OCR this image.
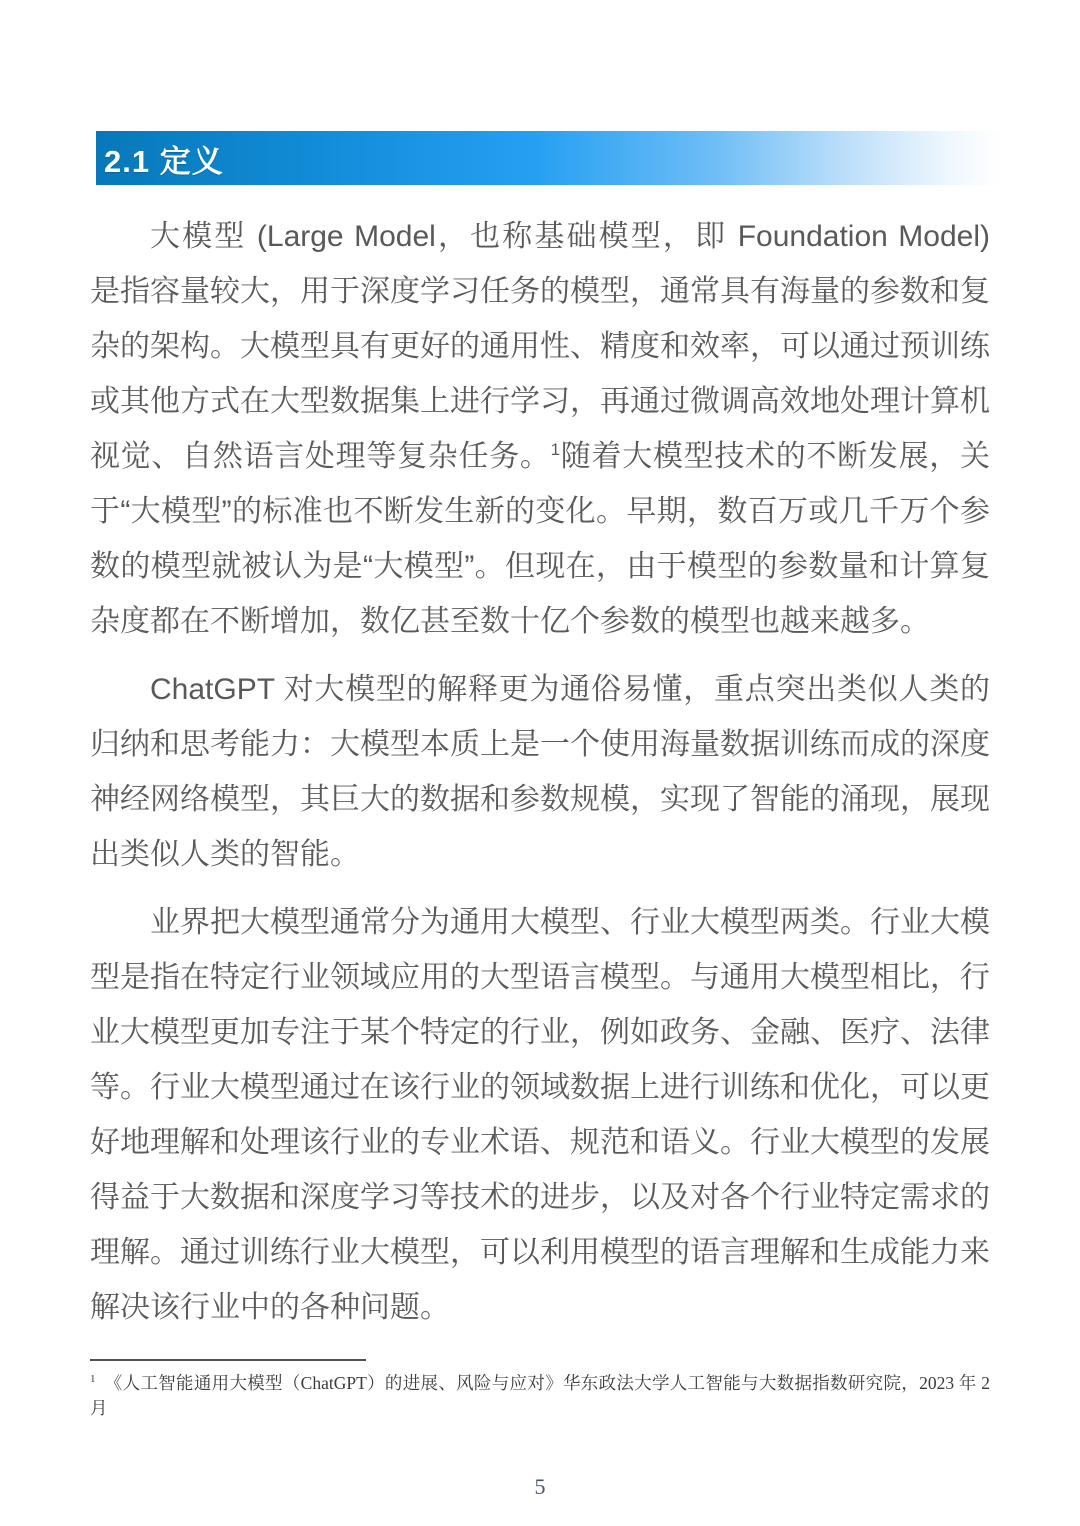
2.1 定义

大模型 (Large Model，也称基础模型，即 Foundation Model) 是指容量较大，用于深度学习任务的模型，通常具有海量的参数和复杂的架构。大模型具有更好的通用性、精度和效率，可以通过预训练或其他方式在大型数据集上进行学习，再通过微调高效地处理计算机视觉、自然语言处理等复杂任务。$^1$随着大模型技术的不断发展，关于“大模型”的标准也不断发生新的变化。早期，数百万或几千万个参数的模型就被认为是“大模型”。但现在，由于模型的参数量和计算复杂度都在不断增加，数亿甚至数十亿个参数的模型也越来越多。

ChatGPT 对大模型的解释更为通俗易懂，重点突出类似人类的归纳和思考能力：大模型本质上是一个使用海量数据训练而成的深度神经网络模型，其巨大的数据和参数规模，实现了智能的涌现，展现出类似人类的智能。

业界把大模型通常分为通用大模型、行业大模型两类。行业大模型是指在特定行业领域应用的大型语言模型。与通用大模型相比，行业大模型更加专注于某个特定的行业，例如政务、金融、医疗、法律等。行业大模型通过在该行业的领域数据上进行训练和优化，可以更好地理解和处理该行业的专业术语、规范和语义。行业大模型的发展得益于大数据和深度学习等技术的进步，以及对各个行业特定需求的理解。通过训练行业大模型，可以利用模型的语言理解和生成能力来解决该行业中的各种问题。

$^1$ 《人工智能通用大模型（ChatGPT）的进展、风险与应对》华东政法大学人工智能与大数据指数研究院，2023 年 2 月

5
